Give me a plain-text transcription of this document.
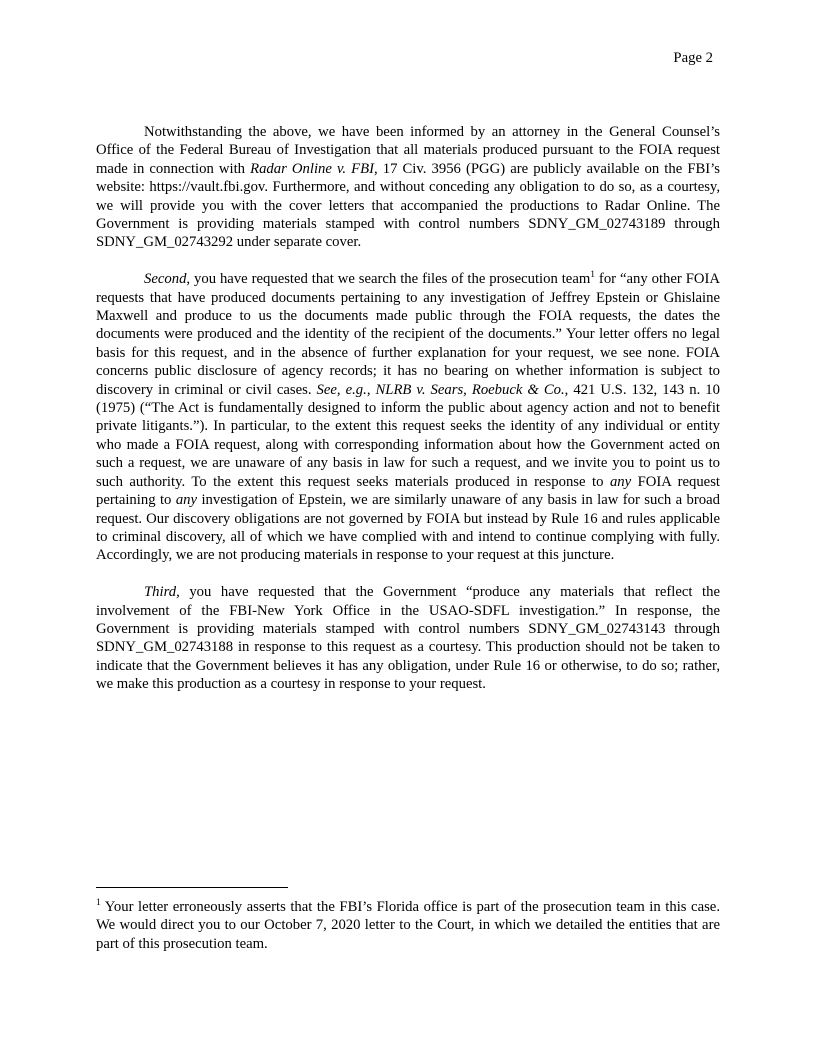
Page 2

Notwithstanding the above, we have been informed by an attorney in the General Counsel’s Office of the Federal Bureau of Investigation that all materials produced pursuant to the FOIA request made in connection with Radar Online v. FBI, 17 Civ. 3956 (PGG) are publicly available on the FBI’s website: https://vault.fbi.gov. Furthermore, and without conceding any obligation to do so, as a courtesy, we will provide you with the cover letters that accompanied the productions to Radar Online. The Government is providing materials stamped with control numbers SDNY_GM_02743189 through SDNY_GM_02743292 under separate cover.

Second, you have requested that we search the files of the prosecution team$^1$ for “any other FOIA requests that have produced documents pertaining to any investigation of Jeffrey Epstein or Ghislaine Maxwell and produce to us the documents made public through the FOIA requests, the dates the documents were produced and the identity of the recipient of the documents.” Your letter offers no legal basis for this request, and in the absence of further explanation for your request, we see none. FOIA concerns public disclosure of agency records; it has no bearing on whether information is subject to discovery in criminal or civil cases. See, e.g., NLRB v. Sears, Roebuck & Co., 421 U.S. 132, 143 n. 10 (1975) (“The Act is fundamentally designed to inform the public about agency action and not to benefit private litigants.”). In particular, to the extent this request seeks the identity of any individual or entity who made a FOIA request, along with corresponding information about how the Government acted on such a request, we are unaware of any basis in law for such a request, and we invite you to point us to such authority. To the extent this request seeks materials produced in response to any FOIA request pertaining to any investigation of Epstein, we are similarly unaware of any basis in law for such a broad request. Our discovery obligations are not governed by FOIA but instead by Rule 16 and rules applicable to criminal discovery, all of which we have complied with and intend to continue complying with fully. Accordingly, we are not producing materials in response to your request at this juncture.

Third, you have requested that the Government “produce any materials that reflect the involvement of the FBI-New York Office in the USAO-SDFL investigation.” In response, the Government is providing materials stamped with control numbers SDNY_GM_02743143 through SDNY_GM_02743188 in response to this request as a courtesy. This production should not be taken to indicate that the Government believes it has any obligation, under Rule 16 or otherwise, to do so; rather, we make this production as a courtesy in response to your request.

$^1$ Your letter erroneously asserts that the FBI’s Florida office is part of the prosecution team in this case. We would direct you to our October 7, 2020 letter to the Court, in which we detailed the entities that are part of this prosecution team.
